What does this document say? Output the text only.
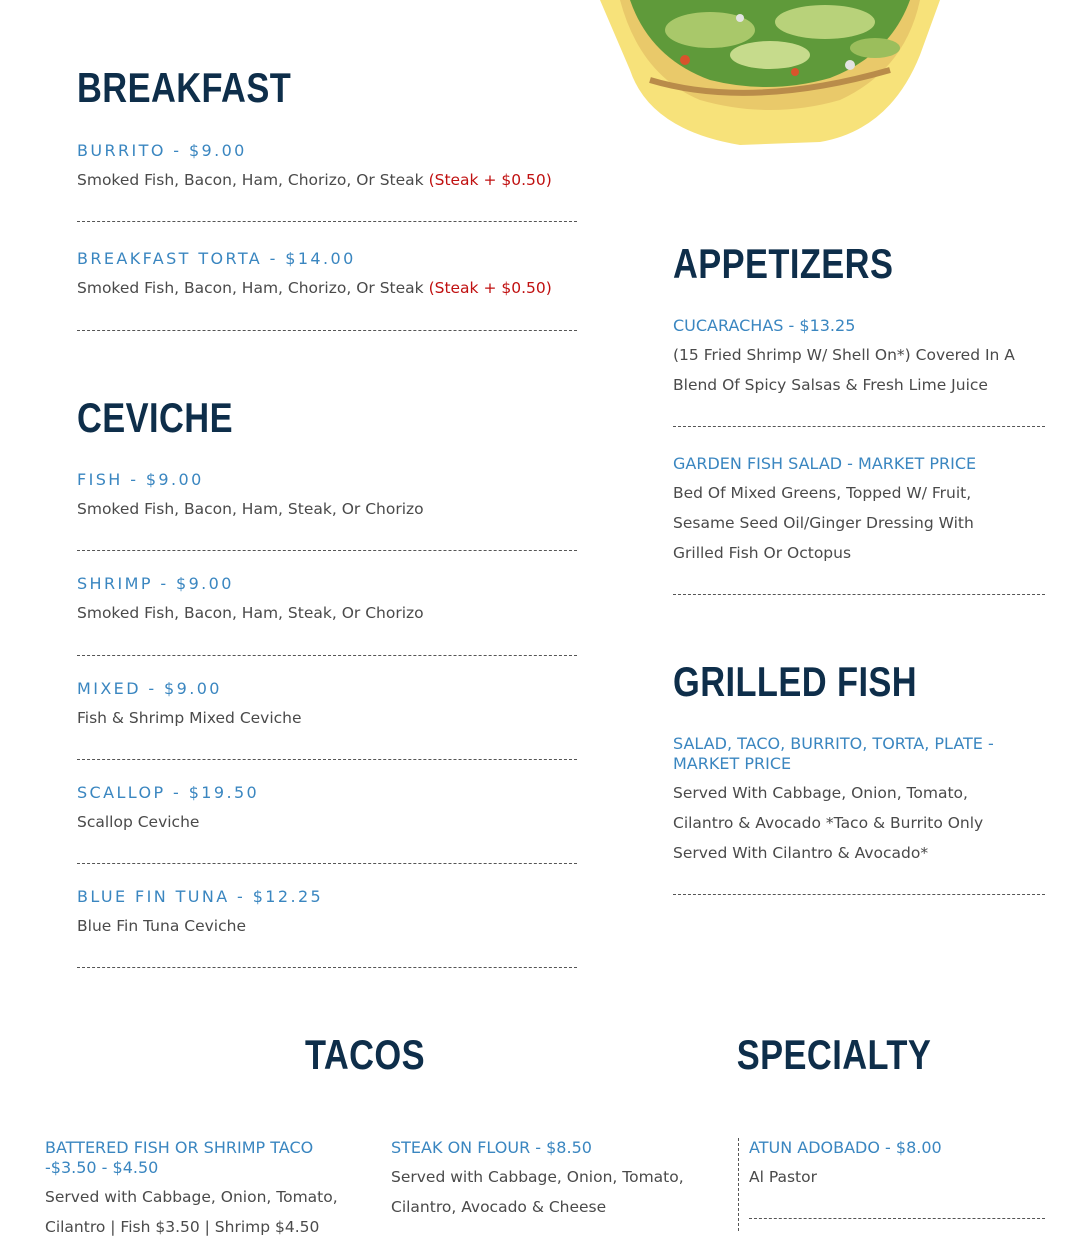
BREAKFAST

BURRITO - $9.00

Smoked Fish, Bacon, Ham, Chorizo, Or Steak (Steak + $0.50)

BREAKFAST TORTA - $14.00

Smoked Fish, Bacon, Ham, Chorizo, Or Steak (Steak + $0.50)

CEVICHE

FISH - $9.00

Smoked Fish, Bacon, Ham, Steak, Or Chorizo

SHRIMP - $9.00

Smoked Fish, Bacon, Ham, Steak, Or Chorizo

MIXED - $9.00

Fish & Shrimp Mixed Ceviche

SCALLOP - $19.50

Scallop Ceviche

BLUE FIN TUNA - $12.25

Blue Fin Tuna Ceviche

APPETIZERS

CUCARACHAS - $13.25

(15 Fried Shrimp W/ Shell On*) Covered In A
Blend Of Spicy Salsas & Fresh Lime Juice

GARDEN FISH SALAD - MARKET PRICE

Bed Of Mixed Greens, Topped W/ Fruit,
Sesame Seed Oil/Ginger Dressing With
Grilled Fish Or Octopus

GRILLED FISH

SALAD, TACO, BURRITO, TORTA, PLATE -
MARKET PRICE

Served With Cabbage, Onion, Tomato,
Cilantro & Avocado *Taco & Burrito Only
Served With Cilantro & Avocado*

TACOS

BATTERED FISH OR SHRIMP TACO
-$3.50 - $4.50

Served with Cabbage, Onion, Tomato,
Cilantro | Fish $3.50 | Shrimp $4.50

STEAK ON FLOUR - $8.50

Served with Cabbage, Onion, Tomato,
Cilantro, Avocado & Cheese

SPECIALTY

ATUN ADOBADO - $8.00

Al Pastor
